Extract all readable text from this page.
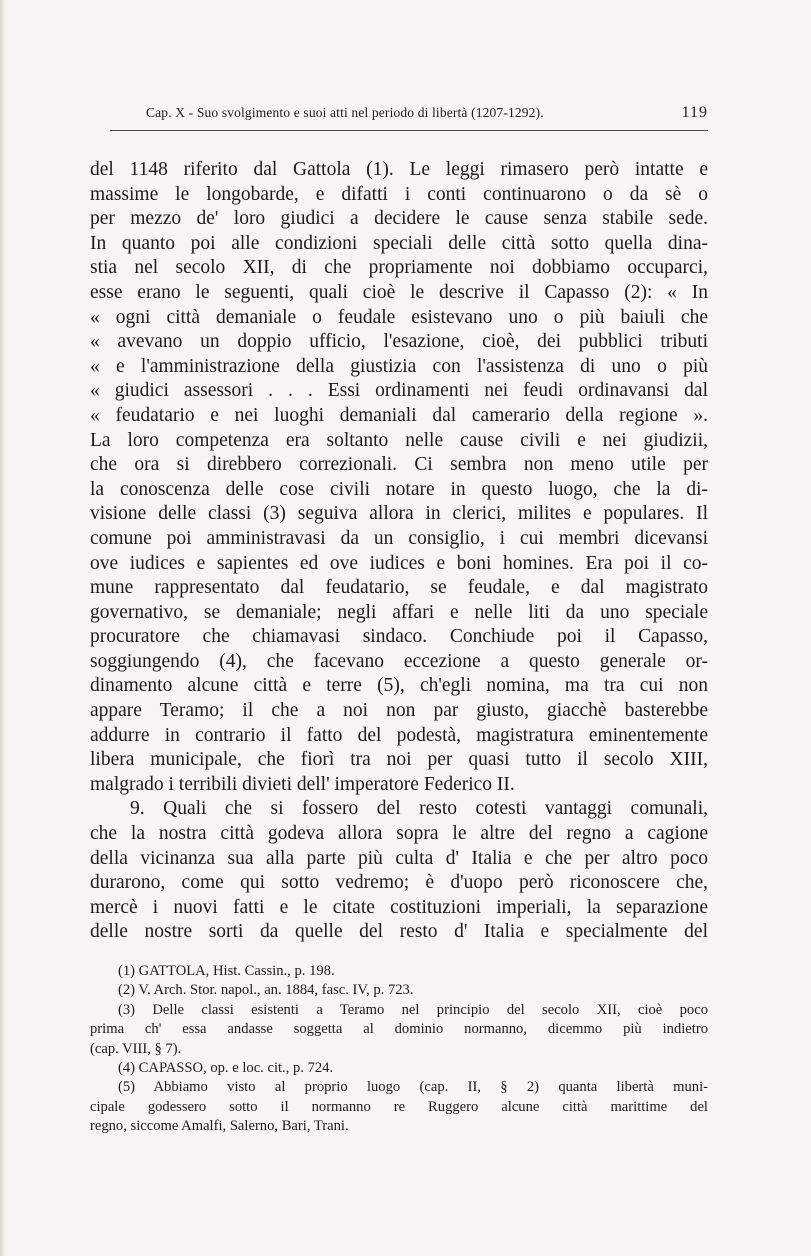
Cap. X - Suo svolgimento e suoi atti nel periodo di libertà (1207-1292).	119
del 1148 riferito dal Gattola (1). Le leggi rimasero però intatte e
massime le longobarde, e difatti i conti continuarono o da sè o
per mezzo de' loro giudici a decidere le cause senza stabile sede.
In quanto poi alle condizioni speciali delle città sotto quella dina-
stia nel secolo XII, di che propriamente noi dobbiamo occuparci,
esse erano le seguenti, quali cioè le descrive il Capasso (2): « In
« ogni città demaniale o feudale esistevano uno o più baiuli che
« avevano un doppio ufficio, l'esazione, cioè, dei pubblici tributi
« e l'amministrazione della giustizia con l'assistenza di uno o più
« giudici assessori . . . Essi ordinamenti nei feudi ordinavansi dal
« feudatario e nei luoghi demaniali dal camerario della regione ».
La loro competenza era soltanto nelle cause civili e nei giudizii,
che ora si direbbero correzionali. Ci sembra non meno utile per
la conoscenza delle cose civili notare in questo luogo, che la di-
visione delle classi (3) seguiva allora in clerici, milites e populares. Il
comune poi amministravasi da un consiglio, i cui membri dicevansi
ove iudices e sapientes ed ove iudices e boni homines. Era poi il co-
mune rappresentato dal feudatario, se feudale, e dal magistrato
governativo, se demaniale; negli affari e nelle liti da uno speciale
procuratore che chiamavasi sindaco. Conchiude poi il Capasso,
soggiungendo (4), che facevano eccezione a questo generale or-
dinamento alcune città e terre (5), ch'egli nomina, ma tra cui non
appare Teramo; il che a noi non par giusto, giacchè basterebbe
addurre in contrario il fatto del podestà, magistratura eminentemente
libera municipale, che fiorì tra noi per quasi tutto il secolo XIII,
malgrado i terribili divieti dell' imperatore Federico II.
9. Quali che si fossero del resto cotesti vantaggi comunali,
che la nostra città godeva allora sopra le altre del regno a cagione
della vicinanza sua alla parte più culta d' Italia e che per altro poco
durarono, come qui sotto vedremo; è d'uopo però riconoscere che,
mercè i nuovi fatti e le citate costituzioni imperiali, la separazione
delle nostre sorti da quelle del resto d' Italia e specialmente del
(1) GATTOLA, Hist. Cassin., p. 198.
(2) V. Arch. Stor. napol., an. 1884, fasc. IV, p. 723.
(3) Delle classi esistenti a Teramo nel principio del secolo XII, cioè poco
prima ch' essa andasse soggetta al dominio normanno, dicemmo più indietro
(cap. VIII, § 7).
(4) CAPASSO, op. e loc. cit., p. 724.
(5) Abbiamo visto al proprio luogo (cap. II, § 2) quanta libertà muni-
cipale godessero sotto il normanno re Ruggero alcune città marittime del
regno, siccome Amalfi, Salerno, Bari, Trani.
